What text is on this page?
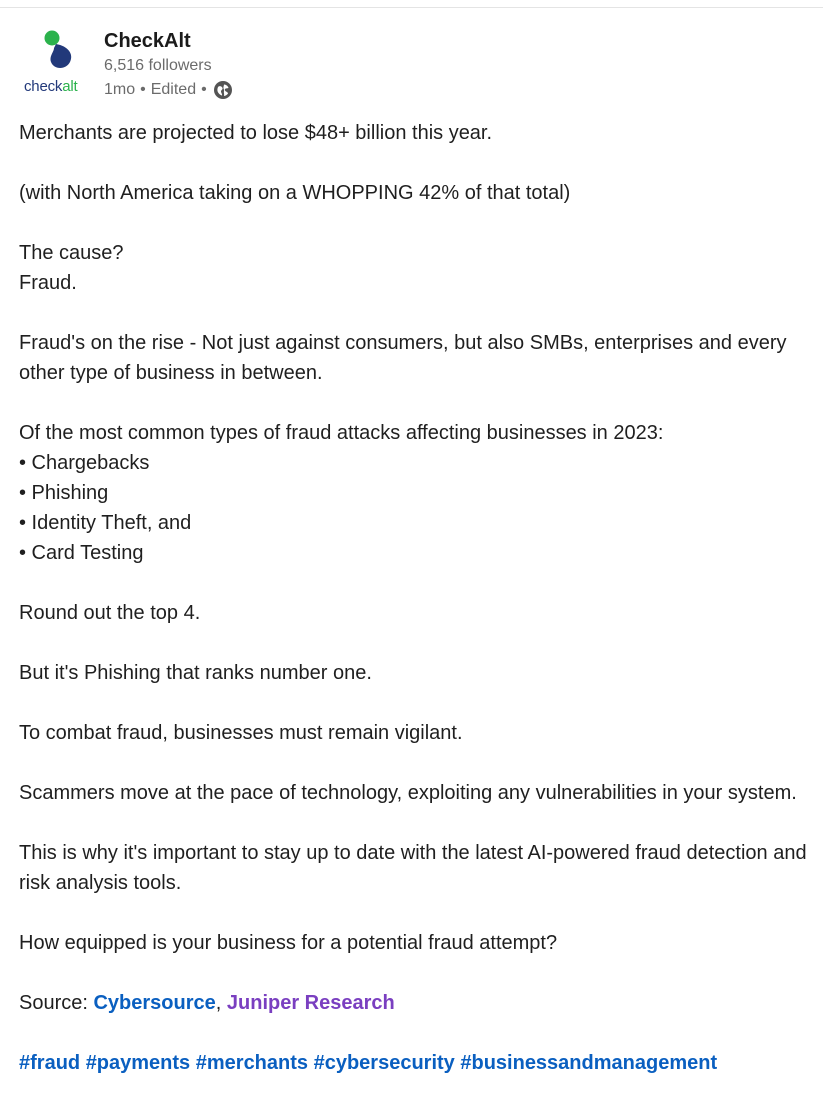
checkalt
CheckAlt
6,516 followers
1mo • Edited •

Merchants are projected to lose $48+ billion this year.

(with North America taking on a WHOPPING 42% of that total)

The cause?

Fraud.

Fraud's on the rise - Not just against consumers, but also SMBs, enterprises and every other type of business in between.

Of the most common types of fraud attacks affecting businesses in 2023:

• Chargebacks

• Phishing

• Identity Theft, and

• Card Testing

Round out the top 4.

But it's Phishing that ranks number one.

To combat fraud, businesses must remain vigilant.

Scammers move at the pace of technology, exploiting any vulnerabilities in your system.

This is why it's important to stay up to date with the latest AI-powered fraud detection and risk analysis tools.

How equipped is your business for a potential fraud attempt?

Source: Cybersource, Juniper Research

#fraud #payments #merchants #cybersecurity #businessandmanagement
